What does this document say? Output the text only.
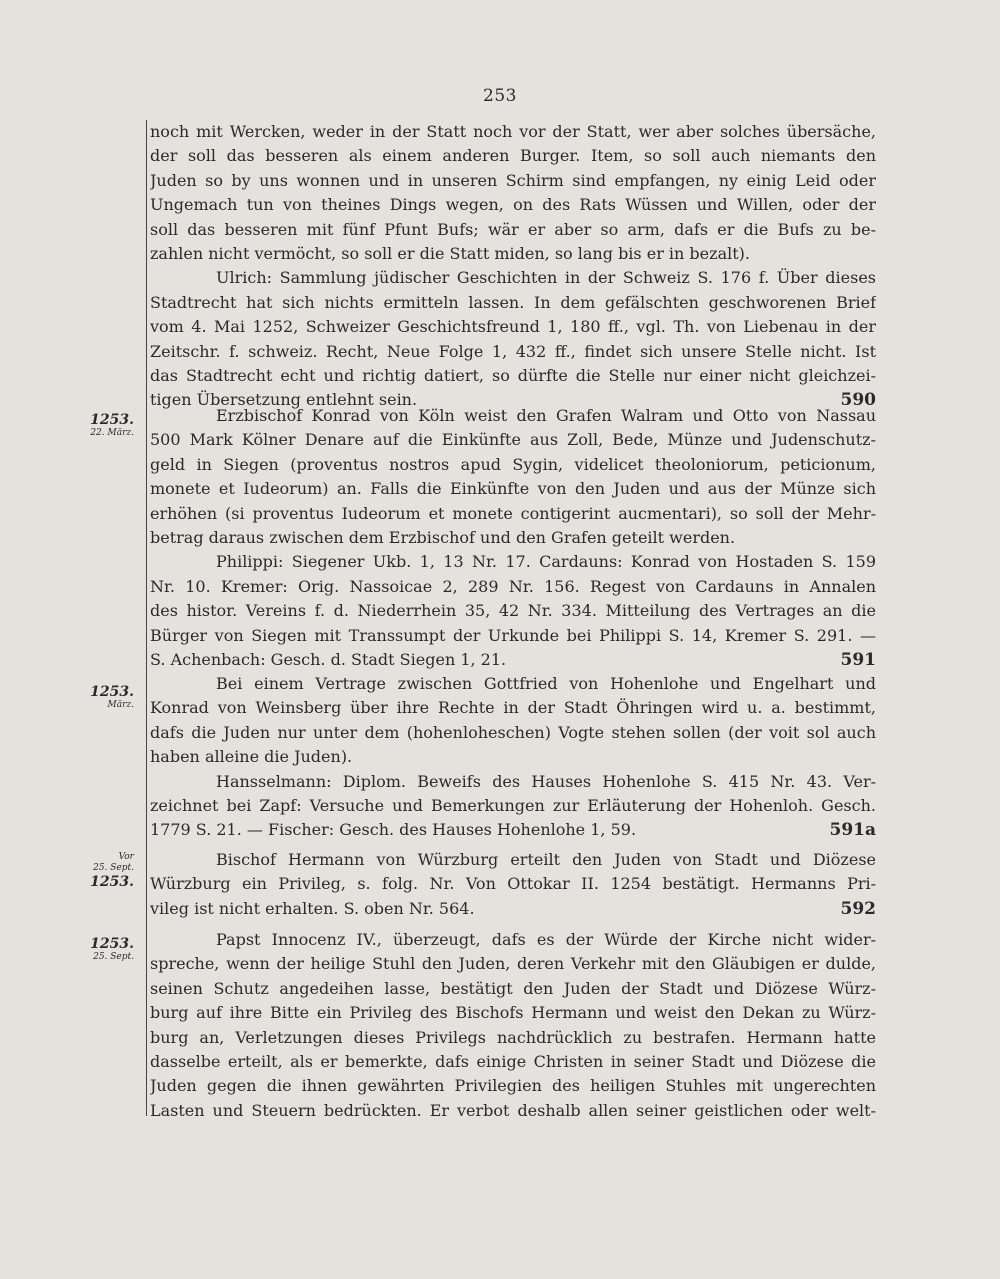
253
1253.
22. März.
1253.
März.
Vor
25. Sept.
1253.
1253.
25. Sept.
noch mit Wercken, weder in der Statt noch vor der Statt, wer aber solches übersäche,
der soll das besseren als einem anderen Burger. Item, so soll auch niemants den
Juden so by uns wonnen und in unseren Schirm sind empfangen, ny einig Leid oder
Ungemach tun von theines Dings wegen, on des Rats Wüssen und Willen, oder der
soll das besseren mit fünf Pfunt Bufs; wär er aber so arm, dafs er die Bufs zu be-
zahlen nicht vermöcht, so soll er die Statt miden, so lang bis er in bezalt).
Ulrich: Sammlung jüdischer Geschichten in der Schweiz S. 176 f. Über dieses
Stadtrecht hat sich nichts ermitteln lassen. In dem gefälschten geschworenen Brief
vom 4. Mai 1252, Schweizer Geschichtsfreund 1, 180 ff., vgl. Th. von Liebenau in der
Zeitschr. f. schweiz. Recht, Neue Folge 1, 432 ff., findet sich unsere Stelle nicht. Ist
das Stadtrecht echt und richtig datiert, so dürfte die Stelle nur einer nicht gleichzei-
tigen Übersetzung entlehnt sein.	590
Erzbischof Konrad von Köln weist den Grafen Walram und Otto von Nassau
500 Mark Kölner Denare auf die Einkünfte aus Zoll, Bede, Münze und Judenschutz-
geld in Siegen (proventus nostros apud Sygin, videlicet theoloniorum, peticionum,
monete et Iudeorum) an. Falls die Einkünfte von den Juden und aus der Münze sich
erhöhen (si proventus Iudeorum et monete contigerint aucmentari), so soll der Mehr-
betrag daraus zwischen dem Erzbischof und den Grafen geteilt werden.
Philippi: Siegener Ukb. 1, 13 Nr. 17. Cardauns: Konrad von Hostaden S. 159
Nr. 10. Kremer: Orig. Nassoicae 2, 289 Nr. 156. Regest von Cardauns in Annalen
des histor. Vereins f. d. Niederrhein 35, 42 Nr. 334. Mitteilung des Vertrages an die
Bürger von Siegen mit Transsumpt der Urkunde bei Philippi S. 14, Kremer S. 291. —
S. Achenbach: Gesch. d. Stadt Siegen 1, 21.	591
Bei einem Vertrage zwischen Gottfried von Hohenlohe und Engelhart und
Konrad von Weinsberg über ihre Rechte in der Stadt Öhringen wird u. a. bestimmt,
dafs die Juden nur unter dem (hohenloheschen) Vogte stehen sollen (der voit sol auch
haben alleine die Juden).
Hansselmann: Diplom. Beweifs des Hauses Hohenlohe S. 415 Nr. 43. Ver-
zeichnet bei Zapf: Versuche und Bemerkungen zur Erläuterung der Hohenloh. Gesch.
1779 S. 21. — Fischer: Gesch. des Hauses Hohenlohe 1, 59.	591a
Bischof Hermann von Würzburg erteilt den Juden von Stadt und Diözese
Würzburg ein Privileg, s. folg. Nr. Von Ottokar II. 1254 bestätigt. Hermanns Pri-
vileg ist nicht erhalten. S. oben Nr. 564.	592
Papst Innocenz IV., überzeugt, dafs es der Würde der Kirche nicht wider-
spreche, wenn der heilige Stuhl den Juden, deren Verkehr mit den Gläubigen er dulde,
seinen Schutz angedeihen lasse, bestätigt den Juden der Stadt und Diözese Würz-
burg auf ihre Bitte ein Privileg des Bischofs Hermann und weist den Dekan zu Würz-
burg an, Verletzungen dieses Privilegs nachdrücklich zu bestrafen. Hermann hatte
dasselbe erteilt, als er bemerkte, dafs einige Christen in seiner Stadt und Diözese die
Juden gegen die ihnen gewährten Privilegien des heiligen Stuhles mit ungerechten
Lasten und Steuern bedrückten. Er verbot deshalb allen seiner geistlichen oder welt-
